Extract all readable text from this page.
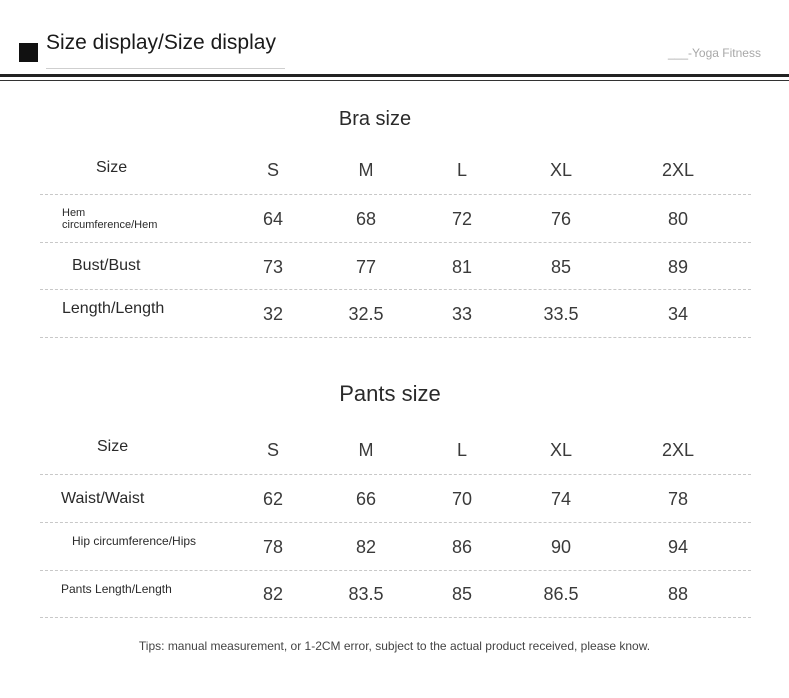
Size display/Size display	___-Yoga Fitness
Bra size
Size	S	M	L	XL	2XL
Hem circumference/Hem	64	68	72	76	80
Bust/Bust	73	77	81	85	89
Length/Length	32	32.5	33	33.5	34
Pants size
Size	S	M	L	XL	2XL
Waist/Waist	62	66	70	74	78
Hip circumference/Hips	78	82	86	90	94
Pants Length/Length	82	83.5	85	86.5	88
Tips: manual measurement, or 1-2CM error, subject to the actual product received, please know.
